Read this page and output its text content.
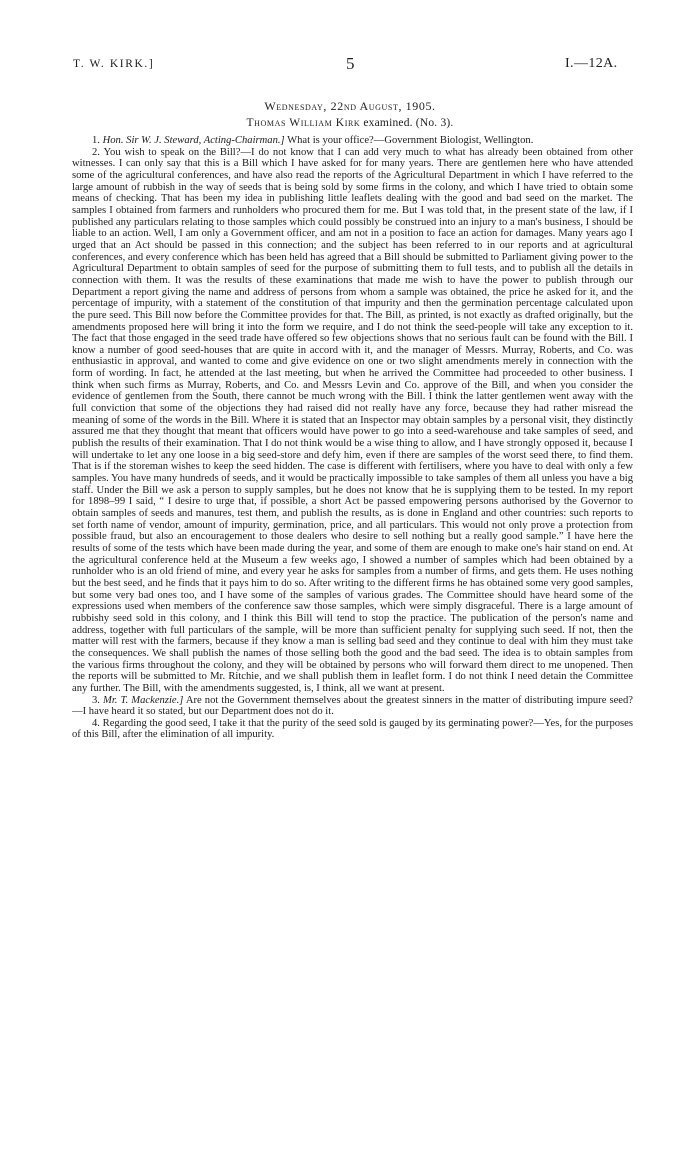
T. W. KIRK.]	5	I.—12A.
Wednesday, 22nd August, 1905.
Thomas William Kirk examined. (No. 3).

1. Hon. Sir W. J. Steward, Acting-Chairman.] What is your office?—Government Biologist, Wellington.

2. You wish to speak on the Bill?—I do not know that I can add very much to what has already been obtained from other witnesses. I can only say that this is a Bill which I have asked for for many years. There are gentlemen here who have attended some of the agricultural conferences, and have also read the reports of the Agricultural Department in which I have referred to the large amount of rubbish in the way of seeds that is being sold by some firms in the colony, and which I have tried to obtain some means of checking. That has been my idea in publishing little leaflets dealing with the good and bad seed on the market. The samples I obtained from farmers and runholders who procured them for me. But I was told that, in the present state of the law, if I published any particulars relating to those samples which could possibly be construed into an injury to a man's business, I should be liable to an action. Well, I am only a Government officer, and am not in a position to face an action for damages. Many years ago I urged that an Act should be passed in this connection; and the subject has been referred to in our reports and at agricultural conferences, and every conference which has been held has agreed that a Bill should be submitted to Parliament giving power to the Agricultural Department to obtain samples of seed for the purpose of submitting them to full tests, and to publish all the details in connection with them. It was the results of these examinations that made me wish to have the power to publish through our Department a report giving the name and address of persons from whom a sample was obtained, the price he asked for it, and the percentage of impurity, with a statement of the constitution of that impurity and then the germination percentage calculated upon the pure seed. This Bill now before the Committee provides for that. The Bill, as printed, is not exactly as drafted originally, but the amendments proposed here will bring it into the form we require, and I do not think the seed-people will take any exception to it. The fact that those engaged in the seed trade have offered so few objections shows that no serious fault can be found with the Bill. I know a number of good seed-houses that are quite in accord with it, and the manager of Messrs. Murray, Roberts, and Co. was enthusiastic in approval, and wanted to come and give evidence on one or two slight amendments merely in connection with the form of wording. In fact, he attended at the last meeting, but when he arrived the Committee had proceeded to other business. I think when such firms as Murray, Roberts, and Co. and Messrs Levin and Co. approve of the Bill, and when you consider the evidence of gentlemen from the South, there cannot be much wrong with the Bill. I think the latter gentlemen went away with the full conviction that some of the objections they had raised did not really have any force, because they had rather misread the meaning of some of the words in the Bill. Where it is stated that an Inspector may obtain samples by a personal visit, they distinctly assured me that they thought that meant that officers would have power to go into a seed-warehouse and take samples of seed, and publish the results of their examination. That I do not think would be a wise thing to allow, and I have strongly opposed it, because I will undertake to let any one loose in a big seed-store and defy him, even if there are samples of the worst seed there, to find them. That is if the storeman wishes to keep the seed hidden. The case is different with fertilisers, where you have to deal with only a few samples. You have many hundreds of seeds, and it would be practically impossible to take samples of them all unless you have a big staff. Under the Bill we ask a person to supply samples, but he does not know that he is supplying them to be tested. In my report for 1898–99 I said, “ I desire to urge that, if possible, a short Act be passed empowering persons authorised by the Governor to obtain samples of seeds and manures, test them, and publish the results, as is done in England and other countries: such reports to set forth name of vendor, amount of impurity, germination, price, and all particulars. This would not only prove a protection from possible fraud, but also an encouragement to those dealers who desire to sell nothing but a really good sample.” I have here the results of some of the tests which have been made during the year, and some of them are enough to make one's hair stand on end. At the agricultural conference held at the Museum a few weeks ago, I showed a number of samples which had been obtained by a runholder who is an old friend of mine, and every year he asks for samples from a number of firms, and gets them. He uses nothing but the best seed, and he finds that it pays him to do so. After writing to the different firms he has obtained some very good samples, but some very bad ones too, and I have some of the samples of various grades. The Committee should have heard some of the expressions used when members of the conference saw those samples, which were simply disgraceful. There is a large amount of rubbishy seed sold in this colony, and I think this Bill will tend to stop the practice. The publication of the person's name and address, together with full particulars of the sample, will be more than sufficient penalty for supplying such seed. If not, then the matter will rest with the farmers, because if they know a man is selling bad seed and they continue to deal with him they must take the consequences. We shall publish the names of those selling both the good and the bad seed. The idea is to obtain samples from the various firms throughout the colony, and they will be obtained by persons who will forward them direct to me unopened. Then the reports will be submitted to Mr. Ritchie, and we shall publish them in leaflet form. I do not think I need detain the Committee any further. The Bill, with the amendments suggested, is, I think, all we want at present.

3. Mr. T. Mackenzie.] Are not the Government themselves about the greatest sinners in the matter of distributing impure seed?—I have heard it so stated, but our Department does not do it.

4. Regarding the good seed, I take it that the purity of the seed sold is gauged by its germinating power?—Yes, for the purposes of this Bill, after the elimination of all impurity.
